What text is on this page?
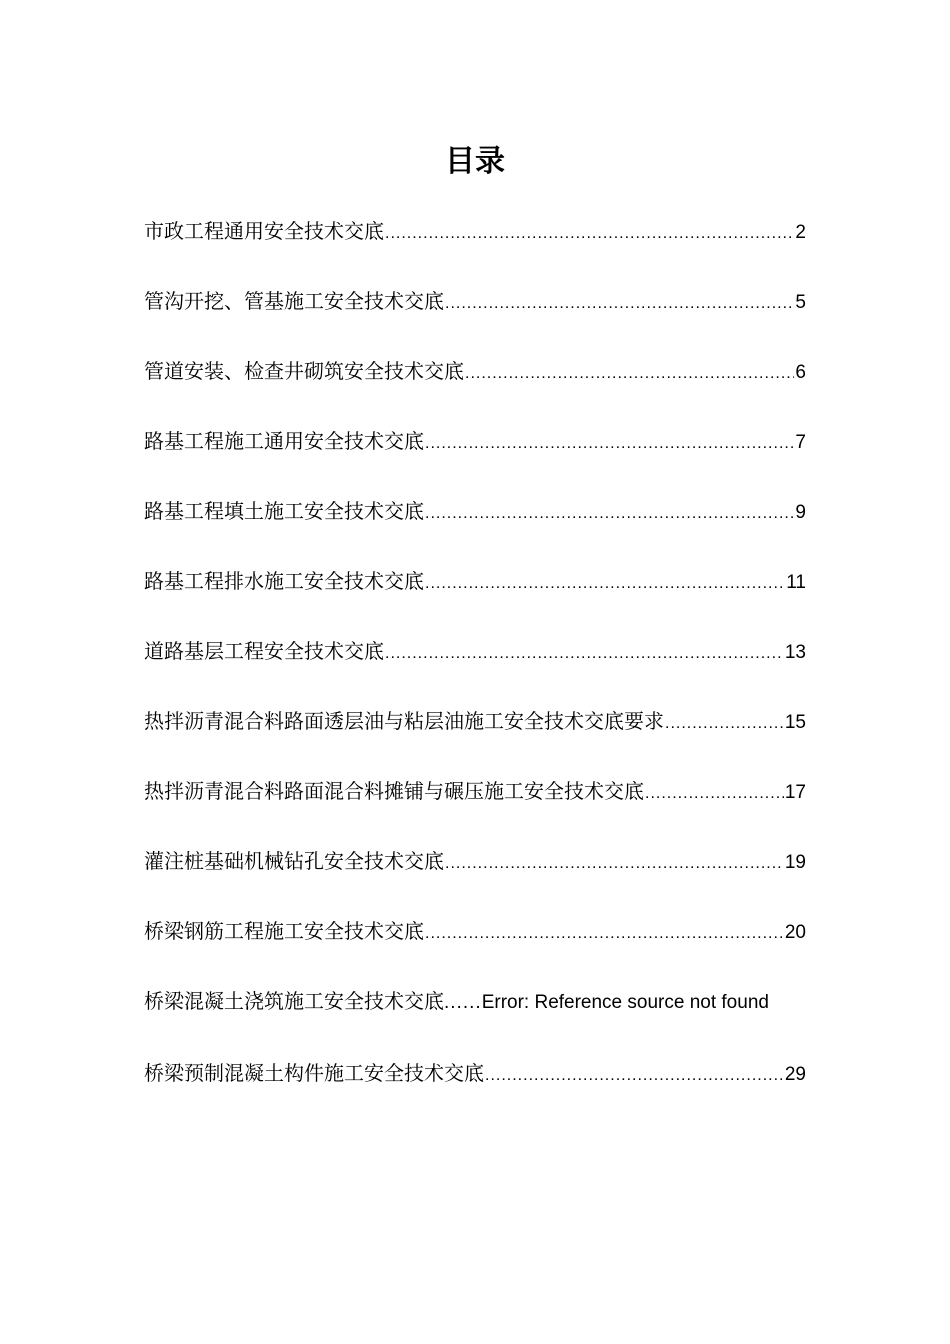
目录
市政工程通用安全技术交底 .....	2
管沟开挖、管基施工安全技术交底 .....	5
管道安装、检查井砌筑安全技术交底 .....	6
路基工程施工通用安全技术交底 .....	7
路基工程填土施工安全技术交底 .....	9
路基工程排水施工安全技术交底 .....	11
道路基层工程安全技术交底 .....	13
热拌沥青混合料路面透层油与粘层油施工安全技术交底要求 .....	15
热拌沥青混合料路面混合料摊铺与碾压施工安全技术交底 .....	17
灌注桩基础机械钻孔安全技术交底 .....	19
桥梁钢筋工程施工安全技术交底 .....	20
桥梁混凝土浇筑施工安全技术交底......Error: Reference source not found
桥梁预制混凝土构件施工安全技术交底 .....	29
